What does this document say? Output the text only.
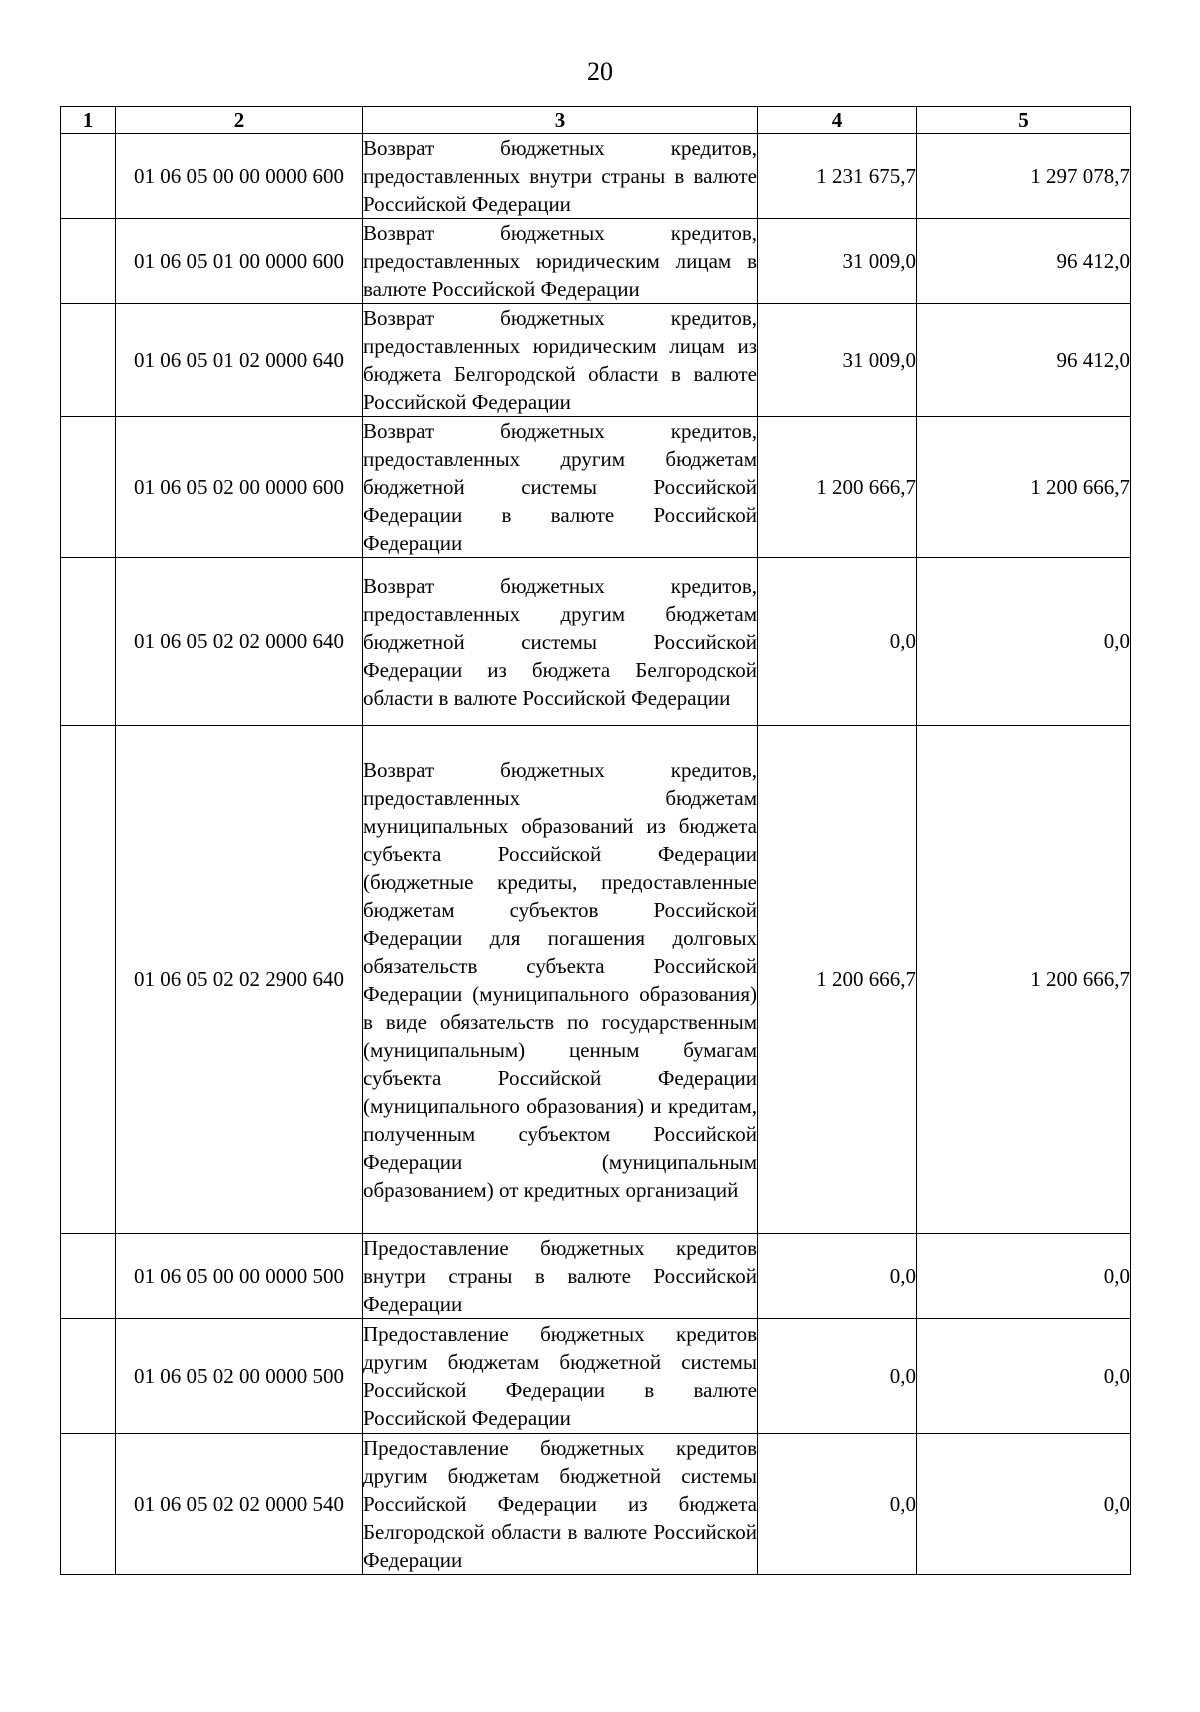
20
1	2	3	4	5
	01 06 05 00 00 0000 600	Возврат бюджетных кредитов, предоставленных внутри страны в валюте Российской Федерации	1 231 675,7	1 297 078,7
	01 06 05 01 00 0000 600	Возврат бюджетных кредитов, предоставленных юридическим лицам в валюте Российской Федерации	31 009,0	96 412,0
	01 06 05 01 02 0000 640	Возврат бюджетных кредитов, предоставленных юридическим лицам из бюджета Белгородской области в валюте Российской Федерации	31 009,0	96 412,0
	01 06 05 02 00 0000 600	Возврат бюджетных кредитов, предоставленных другим бюджетам бюджетной системы Российской Федерации в валюте Российской Федерации	1 200 666,7	1 200 666,7
	01 06 05 02 02 0000 640	Возврат бюджетных кредитов, предоставленных другим бюджетам бюджетной системы Российской Федерации из бюджета Белгородской области в валюте Российской Федерации	0,0	0,0
	01 06 05 02 02 2900 640	Возврат бюджетных кредитов, предоставленных бюджетам муниципальных образований из бюджета субъекта Российской Федерации (бюджетные кредиты, предоставленные бюджетам субъектов Российской Федерации для погашения долговых обязательств субъекта Российской Федерации (муниципального образования) в виде обязательств по государственным (муниципальным) ценным бумагам субъекта Российской Федерации (муниципального образования) и кредитам, полученным субъектом Российской Федерации (муниципальным образованием) от кредитных организаций	1 200 666,7	1 200 666,7
	01 06 05 00 00 0000 500	Предоставление бюджетных кредитов внутри страны в валюте Российской Федерации	0,0	0,0
	01 06 05 02 00 0000 500	Предоставление бюджетных кредитов другим бюджетам бюджетной системы Российской Федерации в валюте Российской Федерации	0,0	0,0
	01 06 05 02 02 0000 540	Предоставление бюджетных кредитов другим бюджетам бюджетной системы Российской Федерации из бюджета Белгородской области в валюте Российской Федерации	0,0	0,0
